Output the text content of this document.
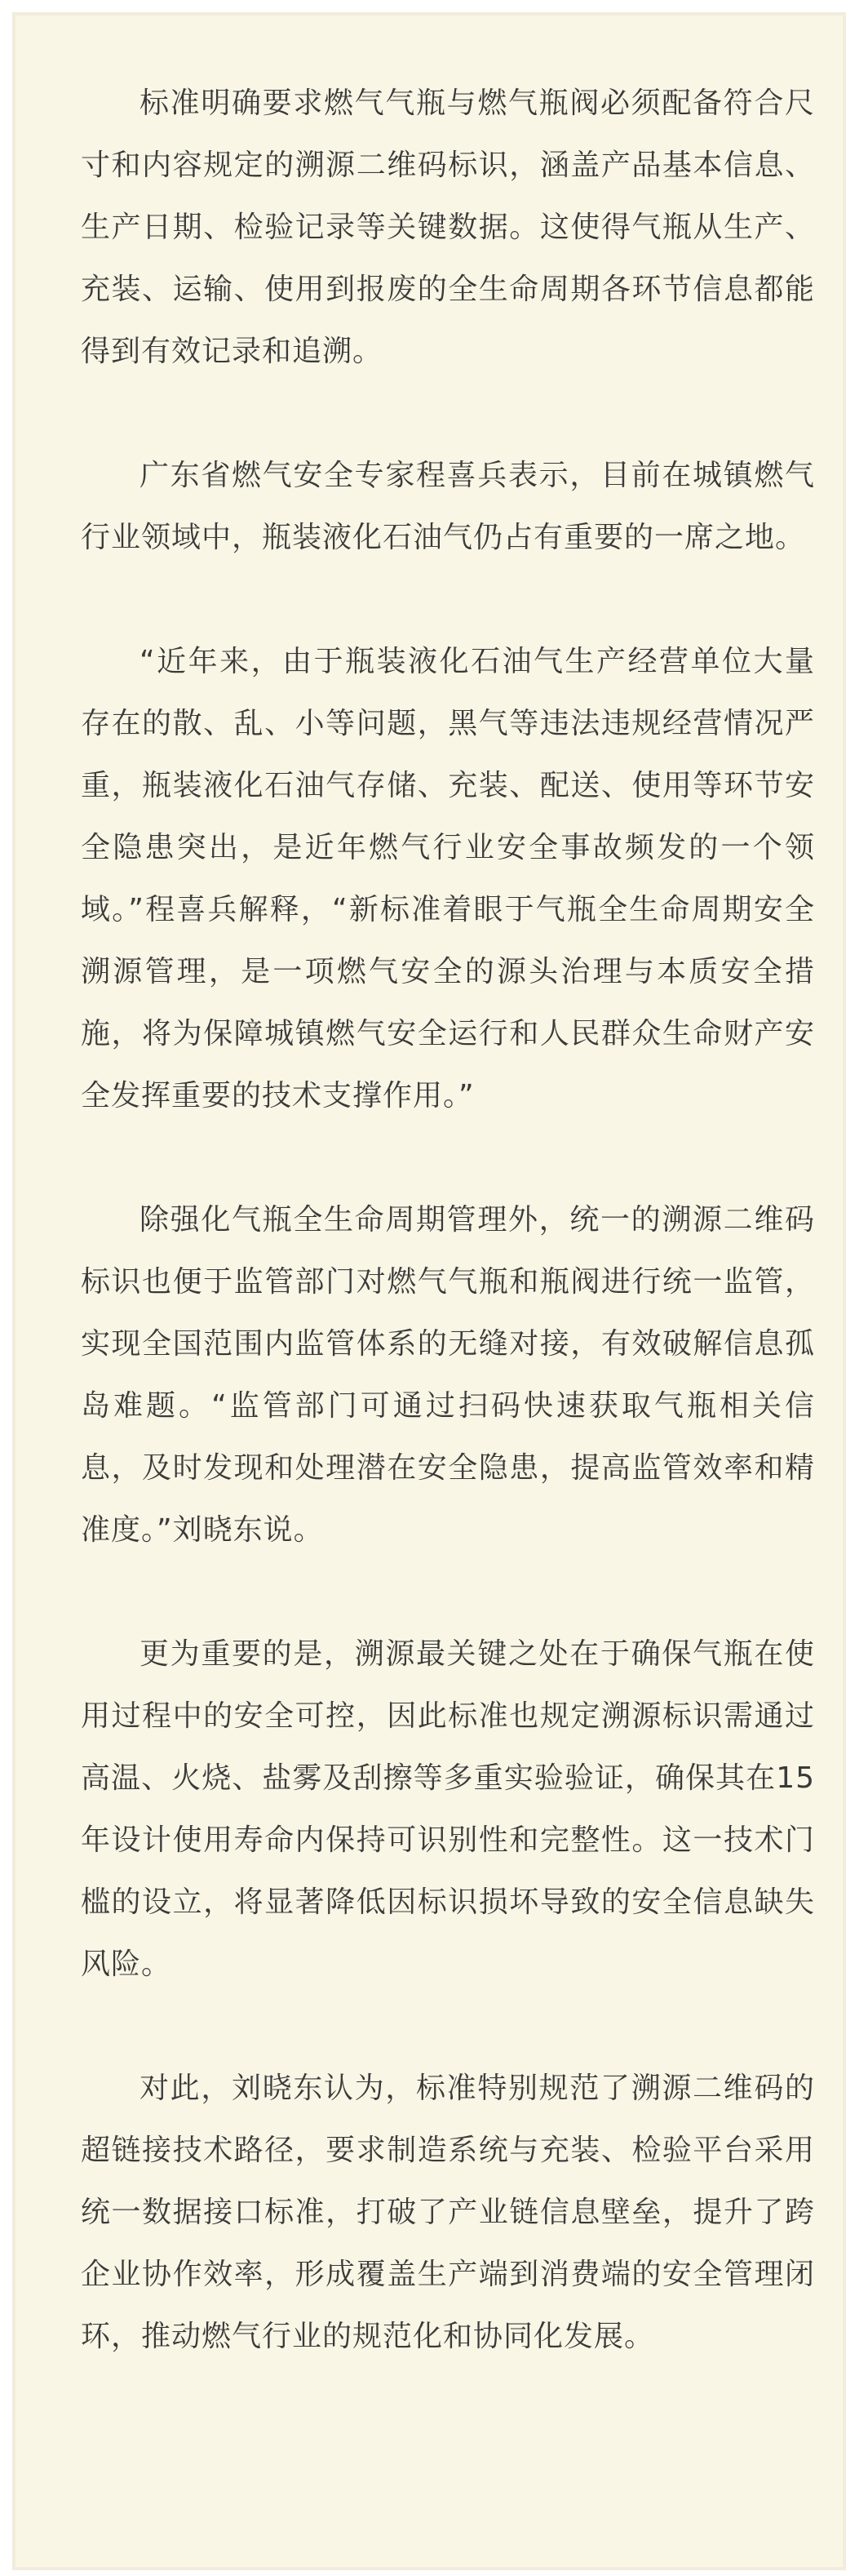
标准明确要求燃气气瓶与燃气瓶阀必须配备符合尺寸和内容规定的溯源二维码标识，涵盖产品基本信息、生产日期、检验记录等关键数据。这使得气瓶从生产、充装、运输、使用到报废的全生命周期各环节信息都能得到有效记录和追溯。

广东省燃气安全专家程喜兵表示，目前在城镇燃气行业领域中，瓶装液化石油气仍占有重要的一席之地。

“近年来，由于瓶装液化石油气生产经营单位大量存在的散、乱、小等问题，黑气等违法违规经营情况严重，瓶装液化石油气存储、充装、配送、使用等环节安全隐患突出，是近年燃气行业安全事故频发的一个领域。”程喜兵解释，“新标准着眼于气瓶全生命周期安全溯源管理，是一项燃气安全的源头治理与本质安全措施，将为保障城镇燃气安全运行和人民群众生命财产安全发挥重要的技术支撑作用。”

除强化气瓶全生命周期管理外，统一的溯源二维码标识也便于监管部门对燃气气瓶和瓶阀进行统一监管，实现全国范围内监管体系的无缝对接，有效破解信息孤岛难题。“监管部门可通过扫码快速获取气瓶相关信息，及时发现和处理潜在安全隐患，提高监管效率和精准度。”刘晓东说。

更为重要的是，溯源最关键之处在于确保气瓶在使用过程中的安全可控，因此标准也规定溯源标识需通过高温、火烧、盐雾及刮擦等多重实验验证，确保其在15年设计使用寿命内保持可识别性和完整性。这一技术门槛的设立，将显著降低因标识损坏导致的安全信息缺失风险。

对此，刘晓东认为，标准特别规范了溯源二维码的超链接技术路径，要求制造系统与充装、检验平台采用统一数据接口标准，打破了产业链信息壁垒，提升了跨企业协作效率，形成覆盖生产端到消费端的安全管理闭环，推动燃气行业的规范化和协同化发展。
